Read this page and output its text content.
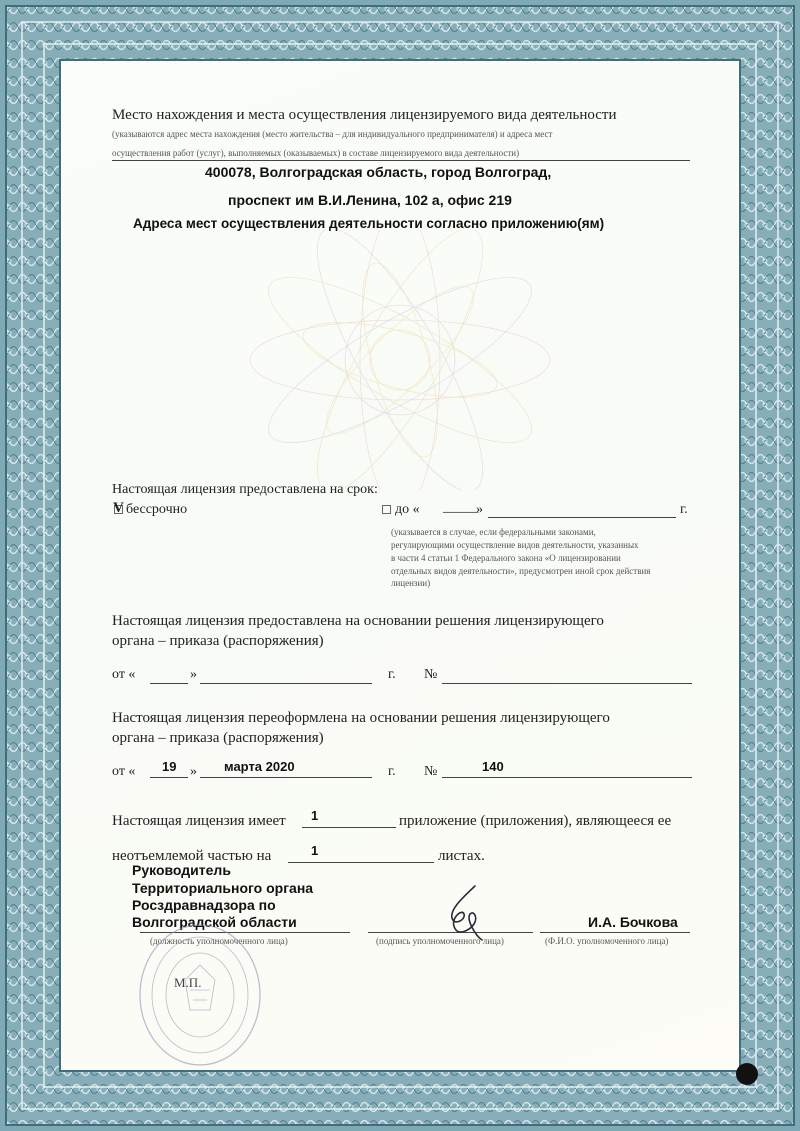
Место нахождения и места осуществления лицензируемого вида деятельности
(указываются адрес места нахождения (место жительства – для индивидуального предпринимателя) и адреса мест
осуществления работ (услуг), выполняемых (оказываемых) в составе лицензируемого вида деятельности)
400078, Волгоградская область, город Волгоград,
проспект им В.И.Ленина, 102 а, офис 219
Адреса мест осуществления деятельности согласно приложению(ям)
Настоящая лицензия предоставлена на срок:
V бессрочно	до « _____
»	г.
(указывается в случае, если федеральными законами,
регулирующими осуществление видов деятельности, указанных
в части 4 статьи 1 Федерального закона «О лицензировании
отдельных видов деятельности», предусмотрен иной срок действия
лицензии)
Настоящая лицензия предоставлена на основании решения лицензирующего
органа – приказа (распоряжения)
от «	»	г. №
Настоящая лицензия переоформлена на основании решения лицензирующего
органа – приказа (распоряжения)
от « 19 » марта 2020	г. №	140
Настоящая лицензия имеет 1	приложение (приложения), являющееся ее
неотъемлемой частью на	1	листах.
Руководитель
Территориального органа
Росздравнадзора по
Волгоградской области	И.А. Бочкова
(должность уполномоченного лица)	(подпись уполномоченного лица)	(Ф.И.О. уполномоченного лица)
М.П.
